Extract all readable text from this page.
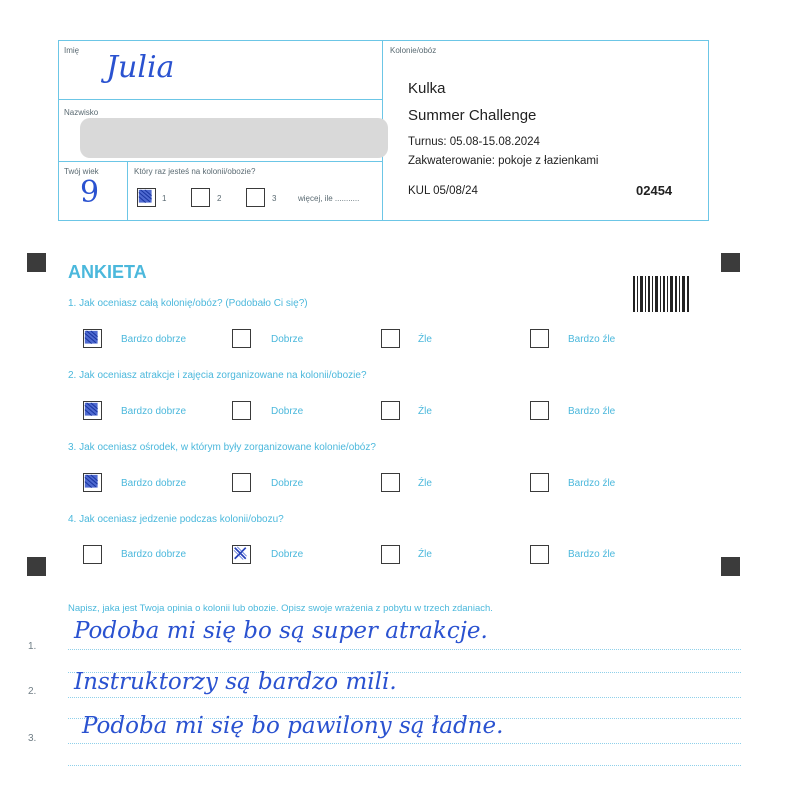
Imię Julia
Nazwisko
Twój wiek
9
Który raz jesteś na kolonii/obozie?
1	2	3	więcej, ile ...........
Kolonie/obóz
Kulka
Summer Challenge
Turnus: 05.08-15.08.2024
Zakwaterowanie: pokoje z łazienkami
KUL 05/08/24	02454
ANKIETA
1. Jak oceniasz całą kolonię/obóz? (Podobało Ci się?)
Bardzo dobrze	Dobrze	Źle	Bardzo źle
2. Jak oceniasz atrakcje i zajęcia zorganizowane na kolonii/obozie?
Bardzo dobrze	Dobrze	Źle	Bardzo źle
3. Jak oceniasz ośrodek, w którym były zorganizowane kolonie/obóz?
Bardzo dobrze	Dobrze	Źle	Bardzo źle
4. Jak oceniasz jedzenie podczas kolonii/obozu?
Bardzo dobrze	Dobrze	Źle	Bardzo źle
Napisz, jaka jest Twoja opinia o kolonii lub obozie. Opisz swoje wrażenia z pobytu w trzech zdaniach.
1.
Podoba mi się bo są super atrakcje.
2. Instruktorzy są bardzo mili.
3. Podoba mi się bo pawilony są ładne.
